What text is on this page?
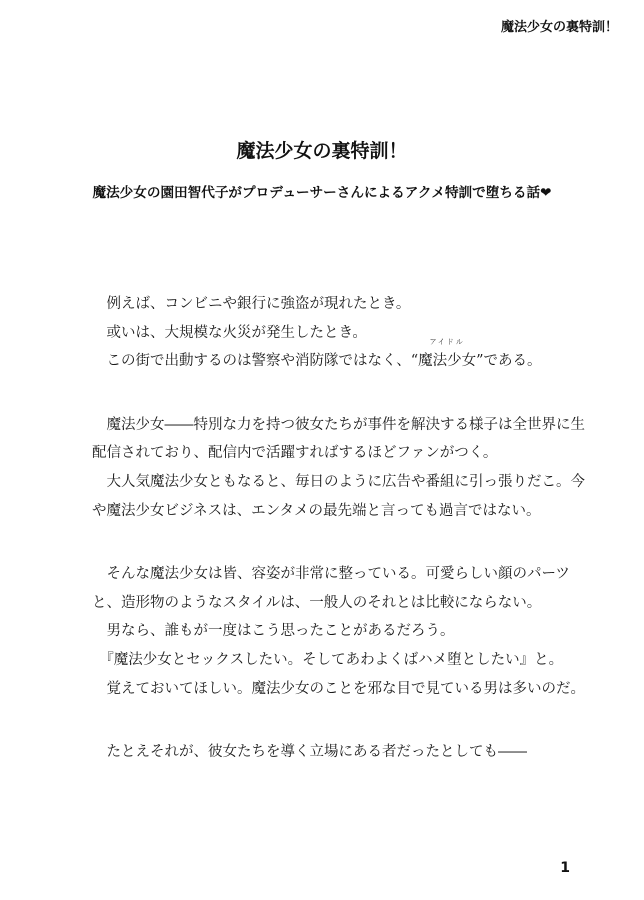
魔法少女の裏特訓！
魔法少女の裏特訓！
魔法少女の園田智代子がプロデューサーさんによるアクメ特訓で堕ちる話❤
　例えば、コンビニや銀行に強盗が現れたとき。
　或いは、大規模な火災が発生したとき。
　この街で出動するのは警察や消防隊ではなく、“
アイドル
魔法少女”である。
　魔法少女――特別な力を持つ彼女たちが事件を解決する様子は全世界に生
配信されており、配信内で活躍すればするほどファンがつく。
　大人気魔法少女ともなると、毎日のように広告や番組に引っ張りだこ。今
や魔法少女ビジネスは、エンタメの最先端と言っても過言ではない。
　そんな魔法少女は皆、容姿が非常に整っている。可愛らしい顔のパーツ
と、造形物のようなスタイルは、一般人のそれとは比較にならない。
　男なら、誰もが一度はこう思ったことがあるだろう。
　『魔法少女とセックスしたい。そしてあわよくばハメ堕としたい』と。
　覚えておいてほしい。魔法少女のことを邪な目で見ている男は多いのだ。
　たとえそれが、彼女たちを導く立場にある者だったとしても――
1
